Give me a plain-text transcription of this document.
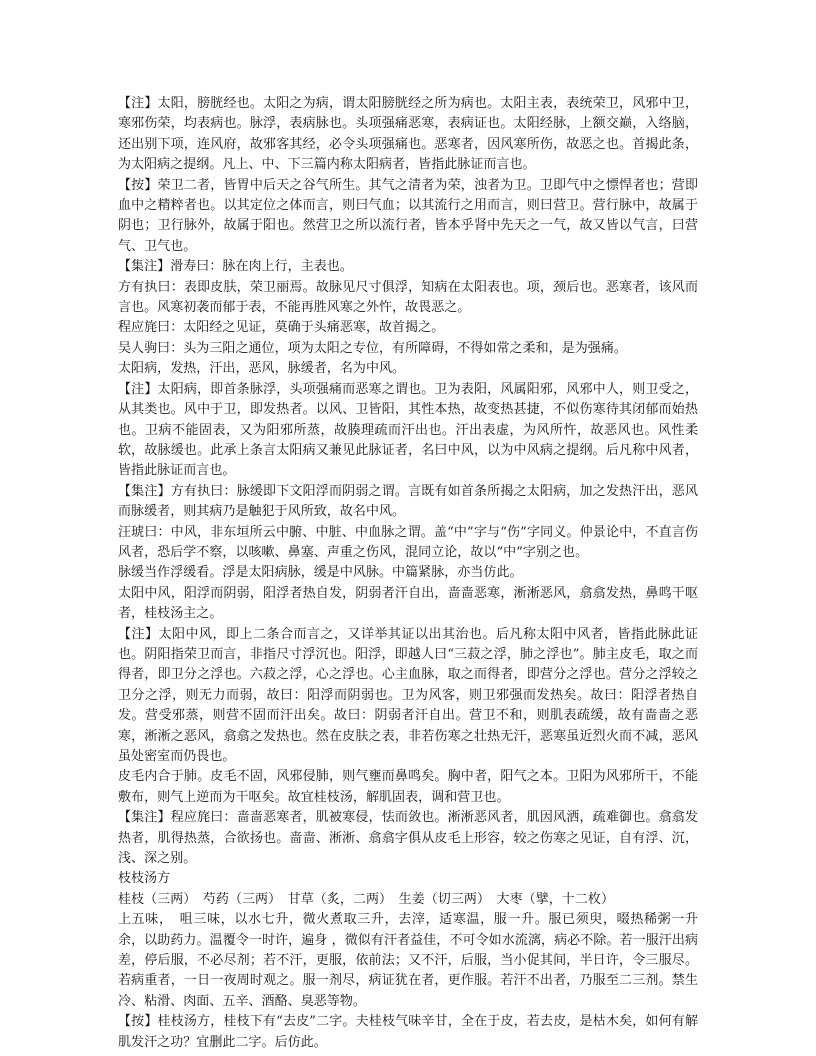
【注】太阳，膀胱经也。太阳之为病，谓太阳膀胱经之所为病也。太阳主表，表统荣卫，风邪中卫，寒邪伤荣，均表病也。脉浮，表病脉也。头项强痛恶寒，表病证也。太阳经脉，上额交巅，入络脑，还出别下项，连风府，故邪客其经，必令头项强痛也。恶寒者，因风寒所伤，故恶之也。首揭此条，为太阳病之提纲。凡上、中、下三篇内称太阳病者，皆指此脉证而言也。

【按】荣卫二者，皆胃中后天之谷气所生。其气之清者为荣，浊者为卫。卫即气中之慓悍者也；营即血中之精粹者也。以其定位之体而言，则曰气血；以其流行之用而言，则曰营卫。营行脉中，故属于阴也；卫行脉外，故属于阳也。然营卫之所以流行者，皆本乎肾中先天之一气，故又皆以气言，曰营气、卫气也。

【集注】滑寿曰：脉在肉上行，主表也。

方有执曰：表即皮肤，荣卫丽焉。故脉见尺寸俱浮，知病在太阳表也。项，颈后也。恶寒者，该风而言也。风寒初袭而郁于表，不能再胜风寒之外忤，故畏恶之。

程应旄曰：太阳经之见证，莫确于头痛恶寒，故首揭之。

吴人驹曰：头为三阳之通位，项为太阳之专位，有所障碍，不得如常之柔和，是为强痛。

太阳病，发热，汗出，恶风，脉缓者，名为中风。

【注】太阳病，即首条脉浮，头项强痛而恶寒之谓也。卫为表阳，风属阳邪，风邪中人，则卫受之，从其类也。风中于卫，即发热者。以风、卫皆阳，其性本热，故变热甚捷，不似伤寒待其闭郁而始热也。卫病不能固表，又为阳邪所蒸，故腠理疏而汗出也。汗出表虚，为风所忤，故恶风也。风性柔软，故脉缓也。此承上条言太阳病又兼见此脉证者，名曰中风，以为中风病之提纲。后凡称中风者，皆指此脉证而言也。

【集注】方有执曰：脉缓即下文阳浮而阴弱之谓。言既有如首条所揭之太阳病，加之发热汗出，恶风而脉缓者，则其病乃是触犯于风所致，故名中风。

汪琥曰：中风，非东垣所云中腑、中脏、中血脉之谓。盖“中”字与“伤”字同义。仲景论中，不直言伤风者，恐后学不察，以咳嗽、鼻塞、声重之伤风，混同立论，故以“中”字别之也。

脉缓当作浮缓看。浮是太阳病脉，缓是中风脉。中篇紧脉，亦当仿此。

太阳中风，阳浮而阴弱，阳浮者热自发，阴弱者汗自出，啬啬恶寒，淅淅恶风，翕翕发热，鼻鸣干呕者，桂枝汤主之。

【注】太阳中风，即上二条合而言之，又详举其证以出其治也。后凡称太阳中风者，皆指此脉此证也。阴阳指荣卫而言，非指尺寸浮沉也。阳浮，即越人曰“三菽之浮，肺之浮也”。肺主皮毛，取之而得者，即卫分之浮也。六菽之浮，心之浮也。心主血脉，取之而得者，即营分之浮也。营分之浮较之卫分之浮，则无力而弱，故曰：阳浮而阴弱也。卫为风客，则卫邪强而发热矣。故曰：阳浮者热自发。营受邪蒸，则营不固而汗出矣。故曰：阴弱者汗自出。营卫不和，则肌表疏缓，故有啬啬之恶寒，淅淅之恶风，翕翕之发热也。然在皮肤之表，非若伤寒之壮热无汗，恶寒虽近烈火而不减，恶风虽处密室而仍畏也。

皮毛内合于肺。皮毛不固，风邪侵肺，则气壅而鼻鸣矣。胸中者，阳气之本。卫阳为风邪所干，不能敷布，则气上逆而为干呕矣。故宜桂枝汤，解肌固表，调和营卫也。

【集注】程应旄曰：啬啬恶寒者，肌被寒侵，怯而敛也。淅淅恶风者，肌因风洒，疏难御也。翕翕发热者，肌得热蒸，合欲扬也。啬啬、淅淅、翕翕字俱从皮毛上形容，较之伤寒之见证，自有浮、沉，浅、深之别。

枝枝汤方

桂枝（三两）　芍药（三两）　甘草（炙，二两）　生姜（切三两）　大枣（擘，十二枚）

上五味，　咀三味，以水七升，微火煮取三升，去滓，适寒温，服一升。服已须臾，啜热稀粥一升余，以助药力。温覆令一时许，遍身 ，微似有汗者益佳，不可令如水流漓，病必不除。若一服汗出病差，停后服，不必尽剂；若不汗，更服，依前法；又不汗，后服，当小促其间，半日许，令三服尽。若病重者，一日一夜周时观之。服一剂尽，病证犹在者，更作服。若汗不出者，乃服至二三剂。禁生冷、粘滑、肉面、五辛、酒酪、臭恶等物。

【按】桂枝汤方，桂枝下有“去皮”二字。夫桂枝气味辛甘，全在于皮，若去皮，是枯木矣，如何有解肌发汗之功？宜删此二字。后仿此。
